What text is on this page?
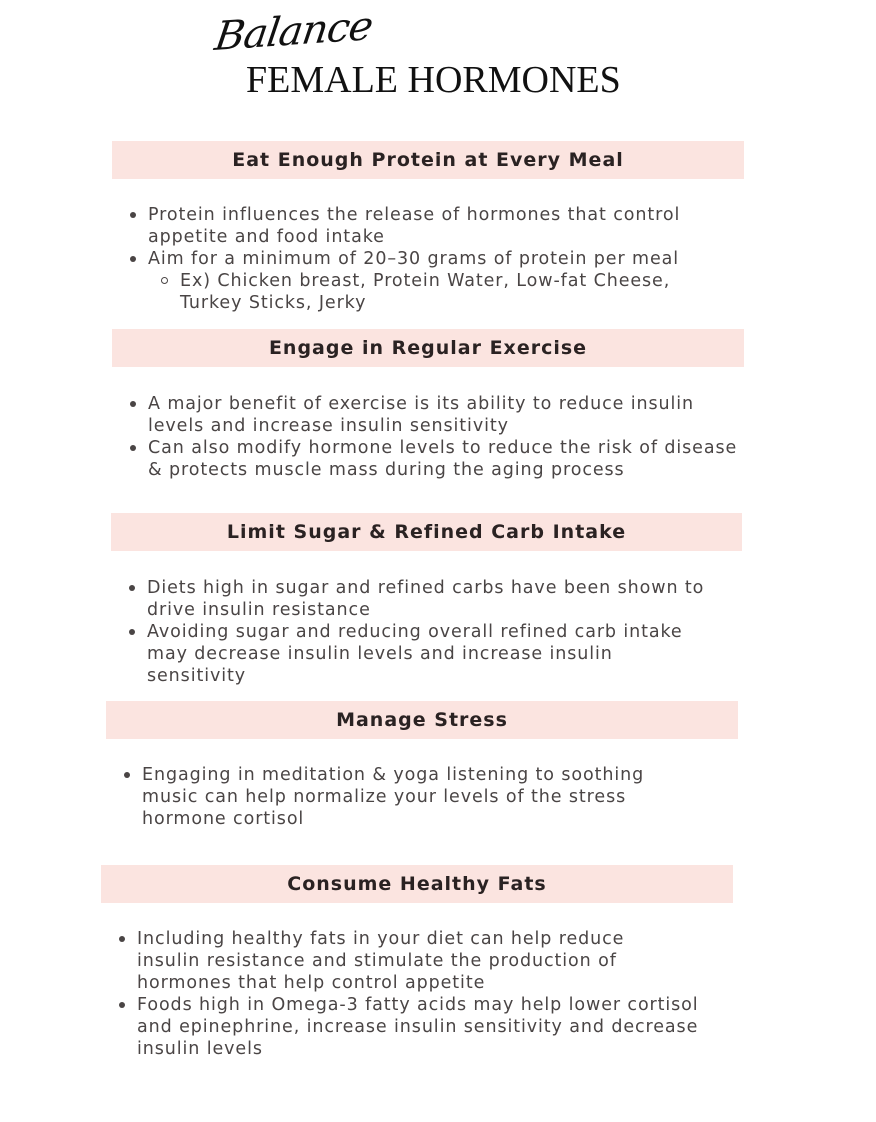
Balance
FEMALE HORMONES
Eat Enough Protein at Every Meal
Protein influences the release of hormones that control appetite and food intake
Aim for a minimum of 20–30 grams of protein per meal
Ex) Chicken breast, Protein Water, Low-fat Cheese, Turkey Sticks, Jerky
Engage in Regular Exercise
A major benefit of exercise is its ability to reduce insulin levels and increase insulin sensitivity
Can also modify hormone levels to reduce the risk of disease & protects muscle mass during the aging process
Limit Sugar & Refined Carb Intake
Diets high in sugar and refined carbs have been shown to drive insulin resistance
Avoiding sugar and reducing overall refined carb intake may decrease insulin levels and increase insulin sensitivity
Manage Stress
Engaging in meditation & yoga listening to soothing music can help normalize your levels of the stress hormone cortisol
Consume Healthy Fats
Including healthy fats in your diet can help reduce insulin resistance and stimulate the production of hormones that help control appetite
Foods high in Omega-3 fatty acids may help lower cortisol and epinephrine, increase insulin sensitivity and decrease insulin levels
